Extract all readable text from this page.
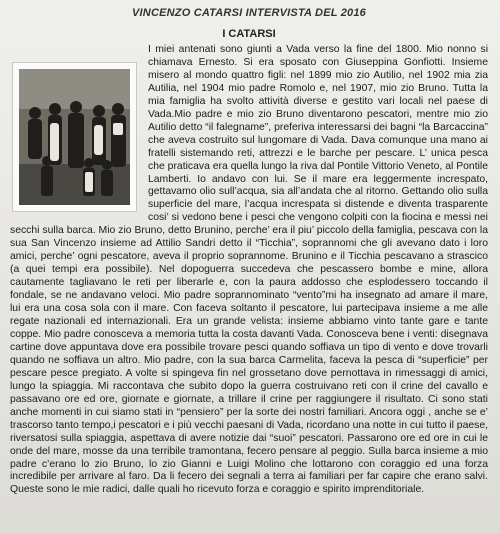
VINCENZO CATARSI INTERVISTA DEL 2016
I CATARSI

I miei antenati sono giunti a Vada verso la fine del 1800. Mio nonno si chiamava Ernesto. Si era sposato con Giuseppina Gonfiotti. Insieme misero al mondo quattro figli: nel 1899 mio zio Autilio, nel 1902 mia zia Autilia, nel 1904 mio padre Romolo e, nel 1907, mio zio Bruno. Tutta la mia famiglia ha svolto attività diverse e gestito vari locali nel paese di Vada.Mio padre e mio zio Bruno diventarono pescatori, mentre mio zio Autilio detto “il falegname”, preferiva interessarsi dei bagni “la Barcaccina” che aveva costruito sul lungomare di Vada. Dava comunque una mano ai fratelli sistemando reti, attrezzi e le barche per pescare. L’ unica pesca che praticava era quella lungo la riva dal Pontile Vittorio Veneto, al Pontile Lamberti. Io andavo con lui. Se il mare era leggermente increspato, gettavamo olio sull’acqua, sia all’andata che al ritorno. Gettando olio sulla superficie del mare, l’acqua increspata si distende e diventa trasparente cosi’ si vedono bene i pesci che vengono colpiti con la fiocina e messi nei secchi sulla barca. Mio zio Bruno, detto Brunino, perche’ era il piu’ piccolo della famiglia, pescava con la sua San Vincenzo insieme ad Attilio Sandri detto il “Ticchia”, soprannomi che gli avevano dato i loro amici, perche’ ogni pescatore, aveva il proprio soprannome. Brunino e il Ticchia pescavano a strascico (a quei tempi era possibile). Nel dopoguerra succedeva che pescassero bombe e mine, allora cautamente tagliavano le reti per liberarle e, con la paura addosso che esplodessero toccando il fondale, se ne andavano veloci. Mio padre soprannominato “vento”mi ha insegnato ad amare il mare, lui era una cosa sola con il mare. Con faceva soltanto il pescatore, lui partecipava insieme a me alle regate nazionali ed internazionali. Era un grande velista: insieme abbiamo vinto tante gare e tante coppe. Mio padre conosceva a memoria tutta la costa davanti Vada. Conosceva bene i venti: disegnava cartine dove appuntava dove era possibile trovare pesci quando soffiava un tipo di vento e dove trovarli quando ne soffiava un altro. Mio padre, con la sua barca Carmelita, faceva la pesca di “superficie” per pescare pesce pregiato. A volte si spingeva fin nel grossetano dove pernottava in rimessaggi di amici, lungo la spiaggia. Mi raccontava che subito dopo la guerra costruivano reti con il crine del cavallo e passavano ore ed ore, giornate e giornate, a trillare il crine per raggiungere il risultato. Ci sono stati anche momenti in cui siamo stati in “pensiero” per la sorte dei nostri familiari. Ancora oggi , anche se e’ trascorso tanto tempo,i pescatori e i più vecchi paesani di Vada, ricordano una notte in cui tutto il paese, riversatosi sulla spiaggia, aspettava di avere notizie dai “suoi” pescatori. Passarono ore ed ore in cui le onde del mare, mosse da una terribile tramontana, fecero pensare al peggio. Sulla barca insieme a mio padre c’erano lo zio Bruno, lo zio Gianni e Luigi Molino che lottarono con coraggio ed una forza incredibile per arrivare al faro. Da li fecero dei segnali a terra ai familiari per far capire che erano salvi. Queste sono le mie radici, dalle quali ho ricevuto forza e coraggio e spirito imprenditoriale.
